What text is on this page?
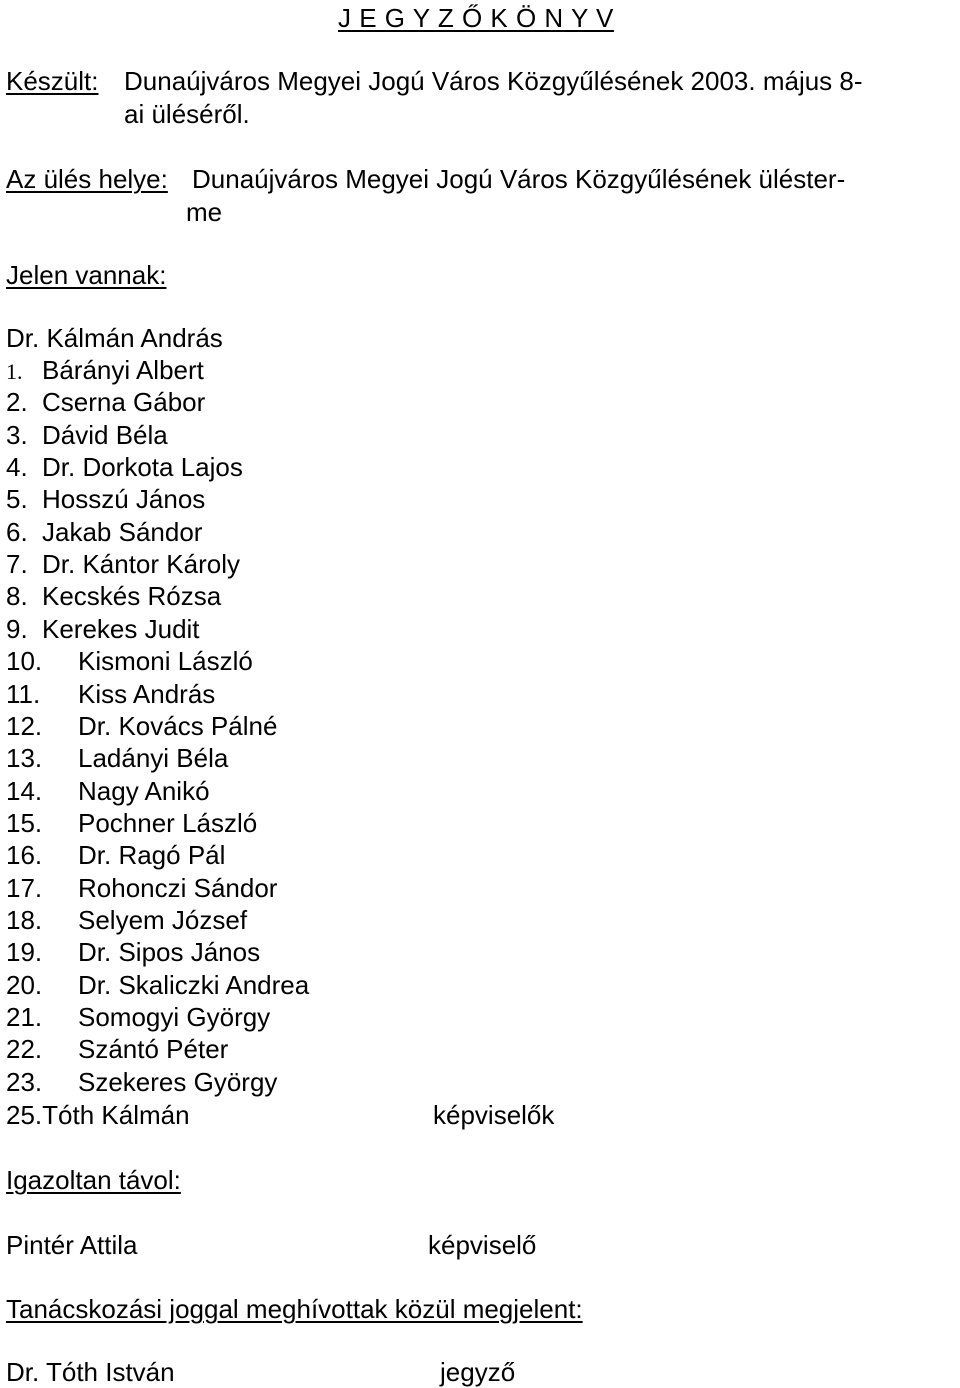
J E G Y Z Ő K Ö N Y V
Készült: Dunaújváros Megyei Jogú Város Közgyűlésének 2003. május 8-
ai üléséről.
Az ülés helye: Dunaújváros Megyei Jogú Város Közgyűlésének üléster-
me
Jelen vannak:
Dr. Kálmán András
1. Bárányi Albert
2. Cserna Gábor
3. Dávid Béla
4. Dr. Dorkota Lajos
5. Hosszú János
6. Jakab Sándor
7. Dr. Kántor Károly
8. Kecskés Rózsa
9. Kerekes Judit
10. Kismoni László
11. Kiss András
12. Dr. Kovács Pálné
13. Ladányi Béla
14. Nagy Anikó
15. Pochner László
16. Dr. Ragó Pál
17. Rohonczi Sándor
18. Selyem József
19. Dr. Sipos János
20. Dr. Skaliczki Andrea
21. Somogyi György
22. Szántó Péter
23. Szekeres György
25.Tóth Kálmán	képviselők
Igazoltan távol:
Pintér Attila	képviselő
Tanácskozási joggal meghívottak közül megjelent:
Dr. Tóth István	jegyző
